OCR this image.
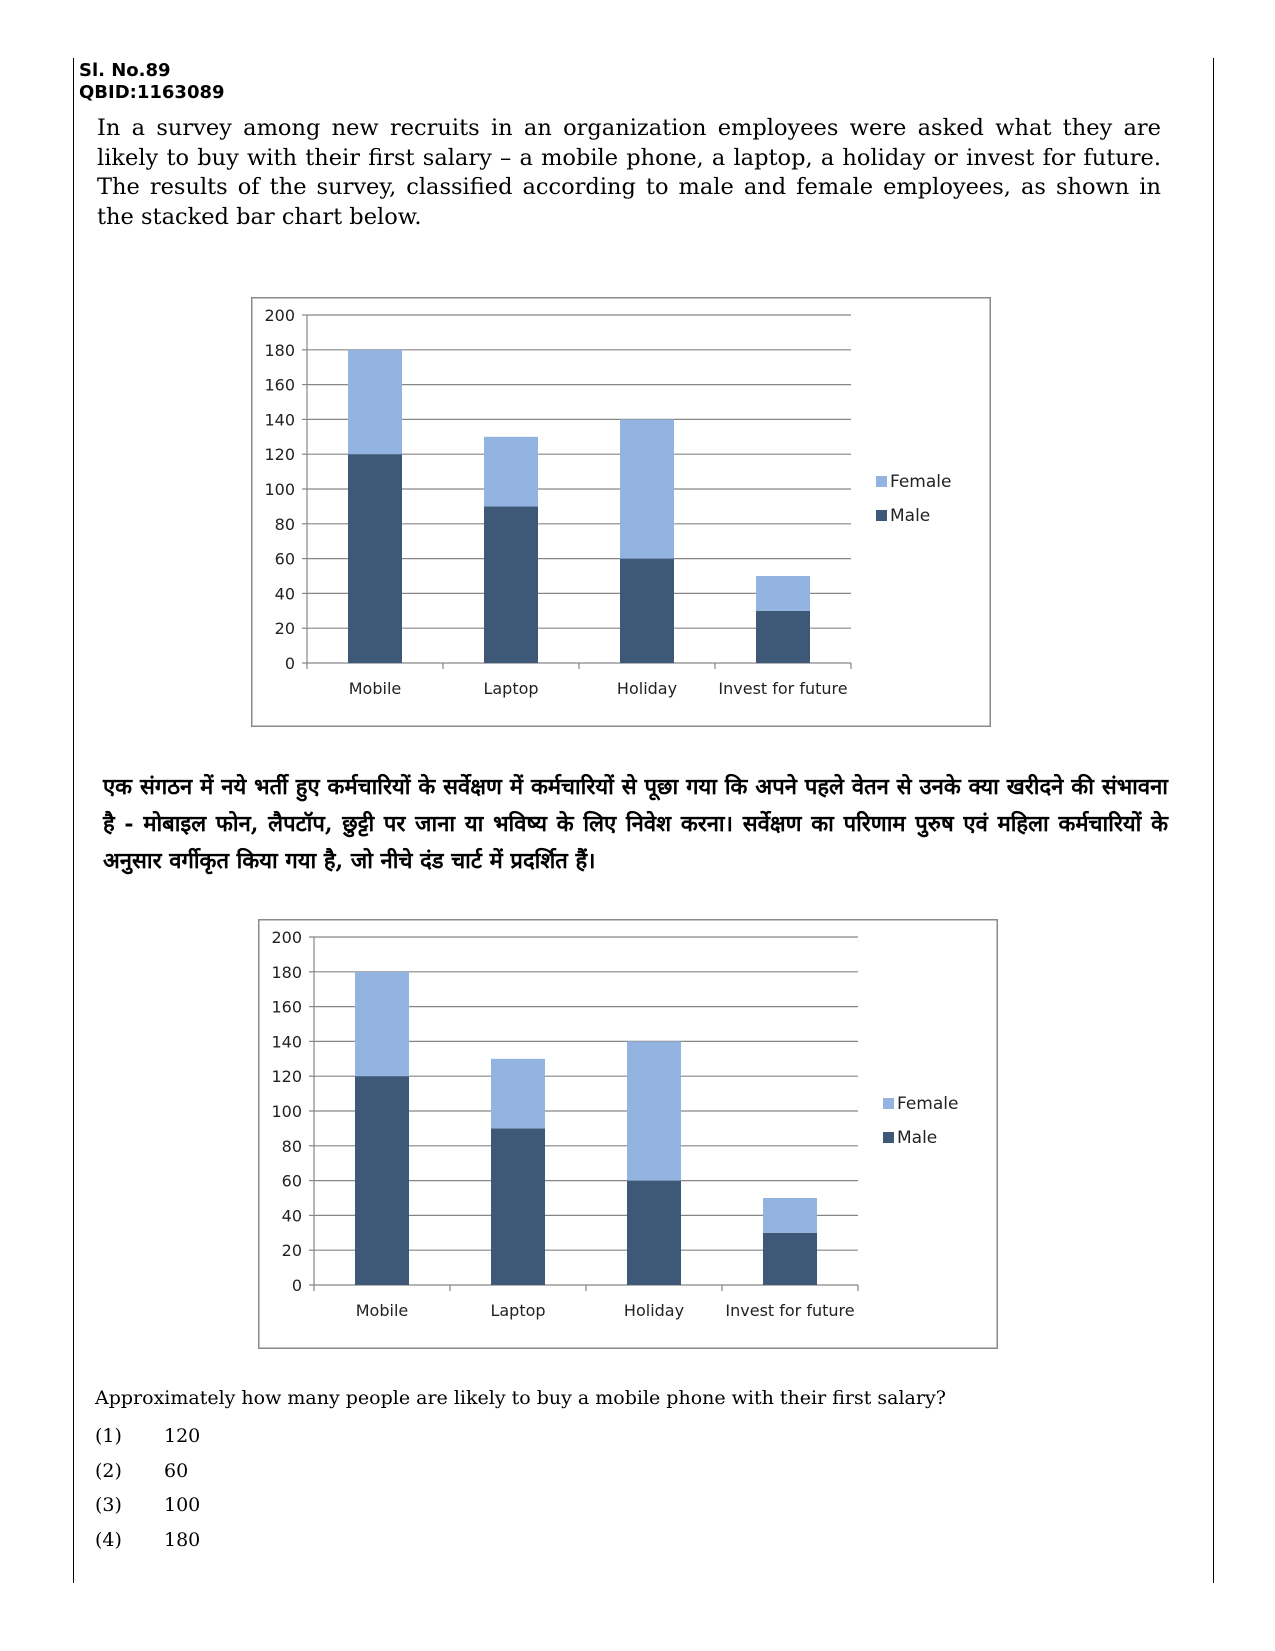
Sl. No.89
QBID:1163089
In a survey among new recruits in an organization employees were asked what they are likely to buy with their first salary – a mobile phone, a laptop, a holiday or invest for future. The results of the survey, classified according to male and female employees, as shown in the stacked bar chart below.
0
20
40
60
80
100
120
140
160
180
200
Mobile	Laptop	Holiday	Invest for future
Female
Male
एक संगठन में नये भर्ती हुए कर्मचारियों के सर्वेक्षण में कर्मचारियों से पूछा गया कि अपने पहले वेतन से उनके क्या खरीदने की संभावना है - मोबाइल फोन, लैपटॉप, छुट्टी पर जाना या भविष्य के लिए निवेश करना। सर्वेक्षण का परिणाम पुरुष एवं महिला कर्मचारियों के अनुसार वर्गीकृत किया गया है, जो नीचे दंड चार्ट में प्रदर्शित हैं।
0
20
40
60
80
100
120
140
160
180
200
Mobile	Laptop	Holiday	Invest for future
Female
Male
Approximately how many people are likely to buy a mobile phone with their first salary?
(1)	120
(2)	60
(3)	100
(4)	180
